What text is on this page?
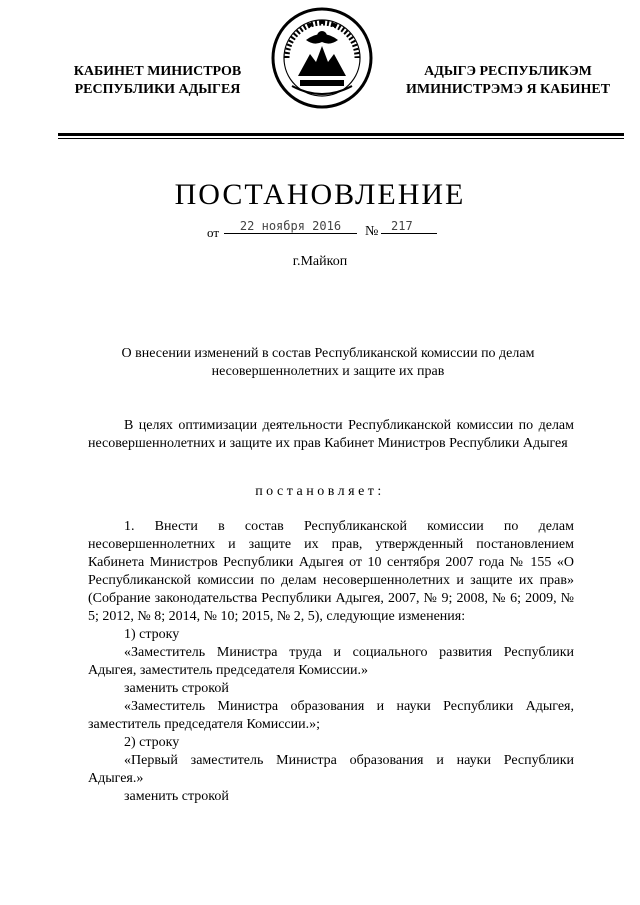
КАБИНЕТ МИНИСТРОВ
РЕСПУБЛИКИ АДЫГЕЯ
АДЫГЭ РЕСПУБЛИКЭМ
ИМИНИСТРЭМЭ Я КАБИНЕТ
ПОСТАНОВЛЕНИЕ
от	22 ноября 2016	№	217
г.Майкоп
О внесении изменений в состав Республиканской комиссии по делам несовершеннолетних и защите их прав
В целях оптимизации деятельности Республиканской комиссии по делам несовершеннолетних и защите их прав Кабинет Министров Республики Адыгея
постановляет:

1. Внести в состав Республиканской комиссии по делам несовершеннолетних и защите их прав, утвержденный постановлением Кабинета Министров Республики Адыгея от 10 сентября 2007 года № 155 «О Республиканской комиссии по делам несовершеннолетних и защите их прав» (Собрание законодательства Республики Адыгея, 2007, № 9; 2008, № 6; 2009, № 5; 2012, № 8; 2014, № 10; 2015, № 2, 5), следующие изменения:

1) строку

«Заместитель Министра труда и социального развития Республики Адыгея, заместитель председателя Комиссии.»

заменить строкой

«Заместитель Министра образования и науки Республики Адыгея, заместитель председателя Комиссии.»;

2) строку

«Первый заместитель Министра образования и науки Республики Адыгея.»

заменить строкой
